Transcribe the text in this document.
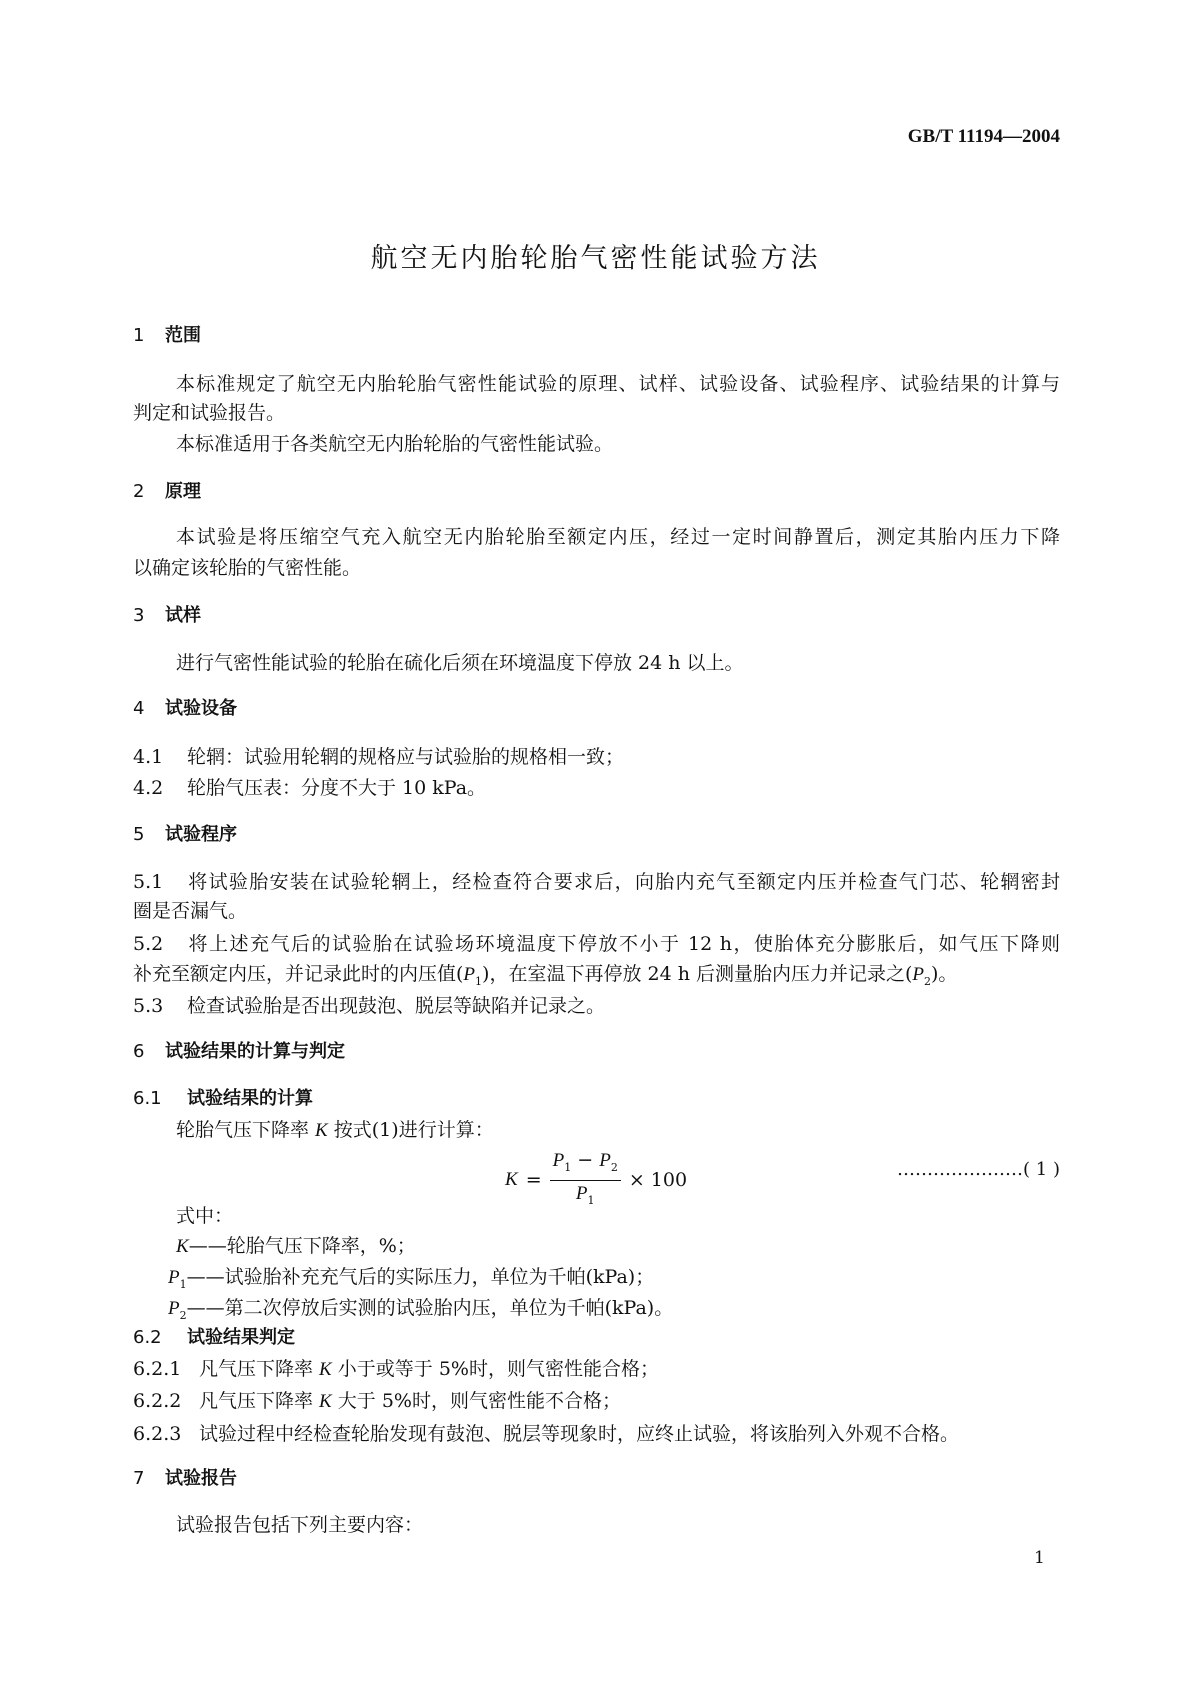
GB/T 11194—2004
航空无内胎轮胎气密性能试验方法
1 范围
本标准规定了航空无内胎轮胎气密性能试验的原理、试样、试验设备、试验程序、试验结果的计算与
判定和试验报告。
本标准适用于各类航空无内胎轮胎的气密性能试验。
2 原理
本试验是将压缩空气充入航空无内胎轮胎至额定内压，经过一定时间静置后，测定其胎内压力下降
以确定该轮胎的气密性能。
3 试样
进行气密性能试验的轮胎在硫化后须在环境温度下停放 24 h 以上。
4 试验设备
4.1 轮辋：试验用轮辋的规格应与试验胎的规格相一致；
4.2 轮胎气压表：分度不大于 10 kPa。
5 试验程序
5.1 将试验胎安装在试验轮辋上，经检查符合要求后，向胎内充气至额定内压并检查气门芯、轮辋密封
圈是否漏气。
5.2 将上述充气后的试验胎在试验场环境温度下停放不小于 12 h，使胎体充分膨胀后，如气压下降则
补充至额定内压，并记录此时的内压值$(P_1)$，在室温下再停放 24 h 后测量胎内压力并记录之$(P_2)$。
5.3 检查试验胎是否出现鼓泡、脱层等缺陷并记录之。
6 试验结果的计算与判定
6.1 试验结果的计算
轮胎气压下降率 K 按式(1)进行计算：
$K = \frac{P_1 - P_2}{P_1} \times 100$	…………………( 1 )
式中：
K——轮胎气压下降率，%；
$P_1——$试验胎补充充气后的实际压力，单位为千帕(kPa)；
$P_2——$第二次停放后实测的试验胎内压，单位为千帕(kPa)。
6.2 试验结果判定
6.2.1 凡气压下降率 K 小于或等于 5%时，则气密性能合格；
6.2.2 凡气压下降率 K 大于 5%时，则气密性能不合格；
6.2.3 试验过程中经检查轮胎发现有鼓泡、脱层等现象时，应终止试验，将该胎列入外观不合格。
7 试验报告
试验报告包括下列主要内容：
1
